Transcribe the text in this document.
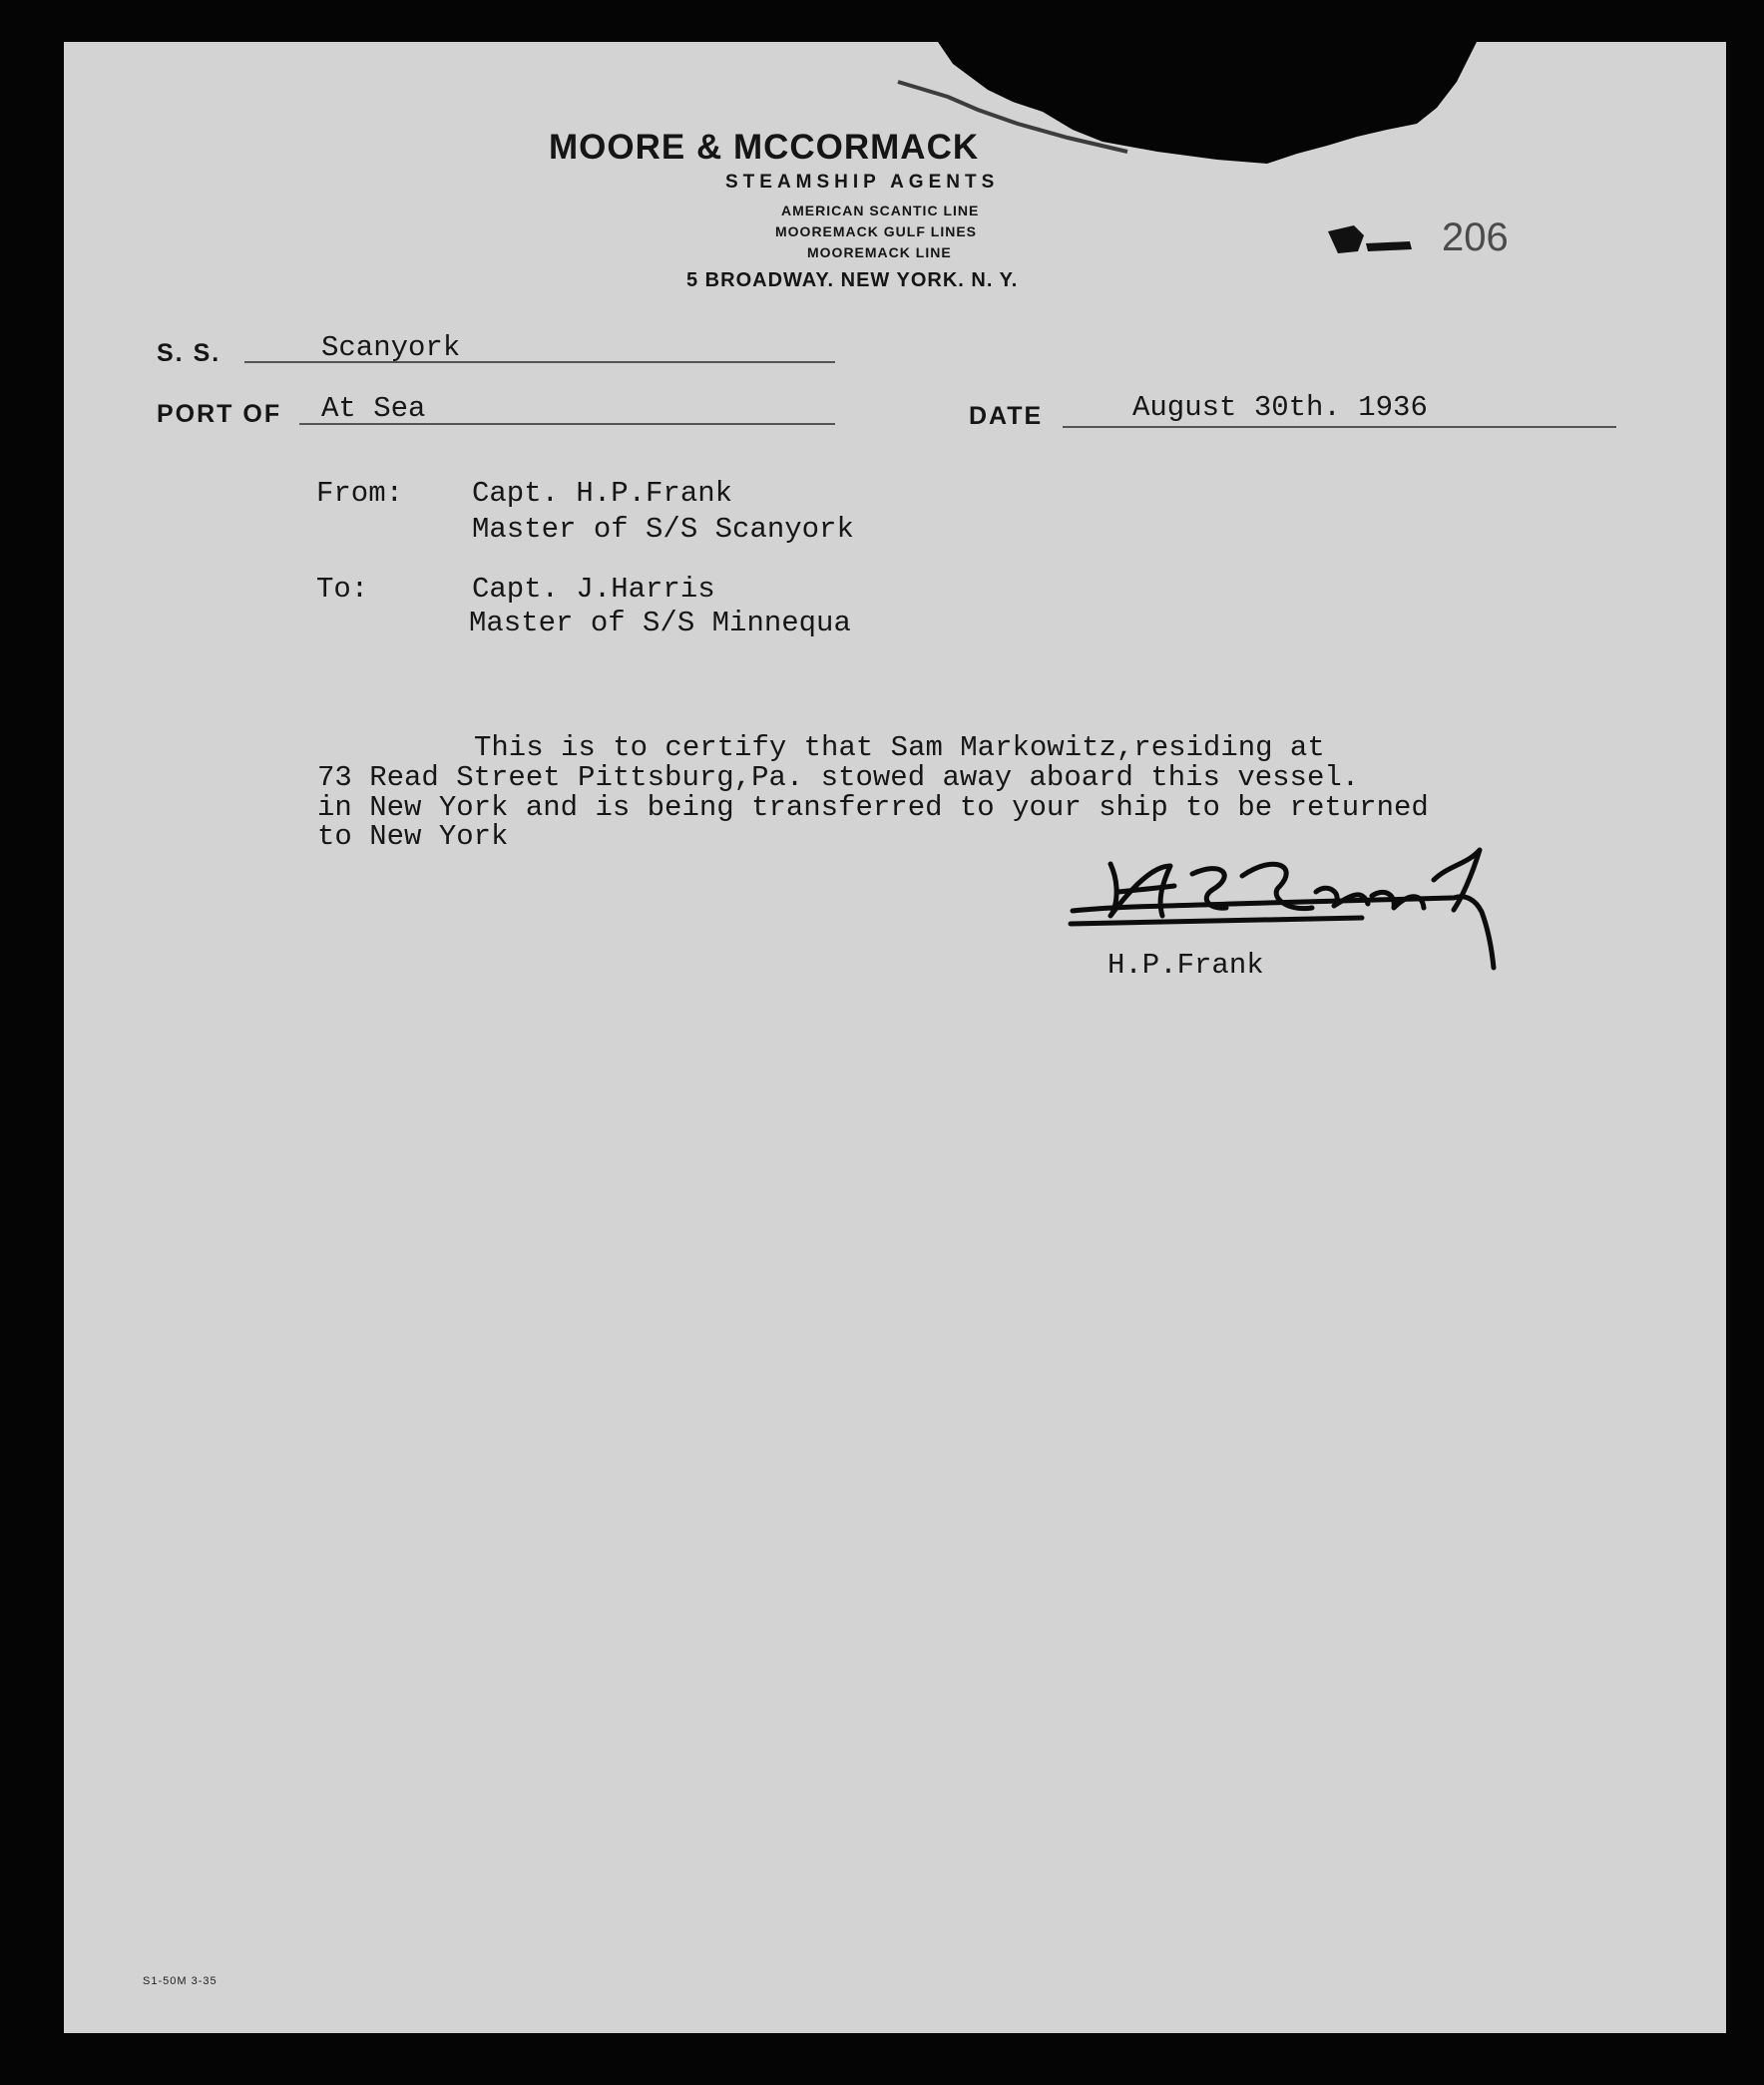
MOORE & MCCORMACK
STEAMSHIP AGENTS
AMERICAN SCANTIC LINE
MOOREMACK GULF LINES
MOOREMACK LINE
5 BROADWAY. NEW YORK. N. Y.
206
S. S.	Scanyork
PORT OF At Sea	DATE	August 30th. 1936
From: Capt. H.P.Frank
Master of S/S Scanyork
To:	Capt. J.Harris
Master of S/S Minnequa
This is to certify that Sam Markowitz,residing at
73 Read Street Pittsburg,Pa. stowed away aboard this vessel.
in New York and is being transferred to your ship to be returned
to New York
H.P.Frank
S1-50M 3-35
